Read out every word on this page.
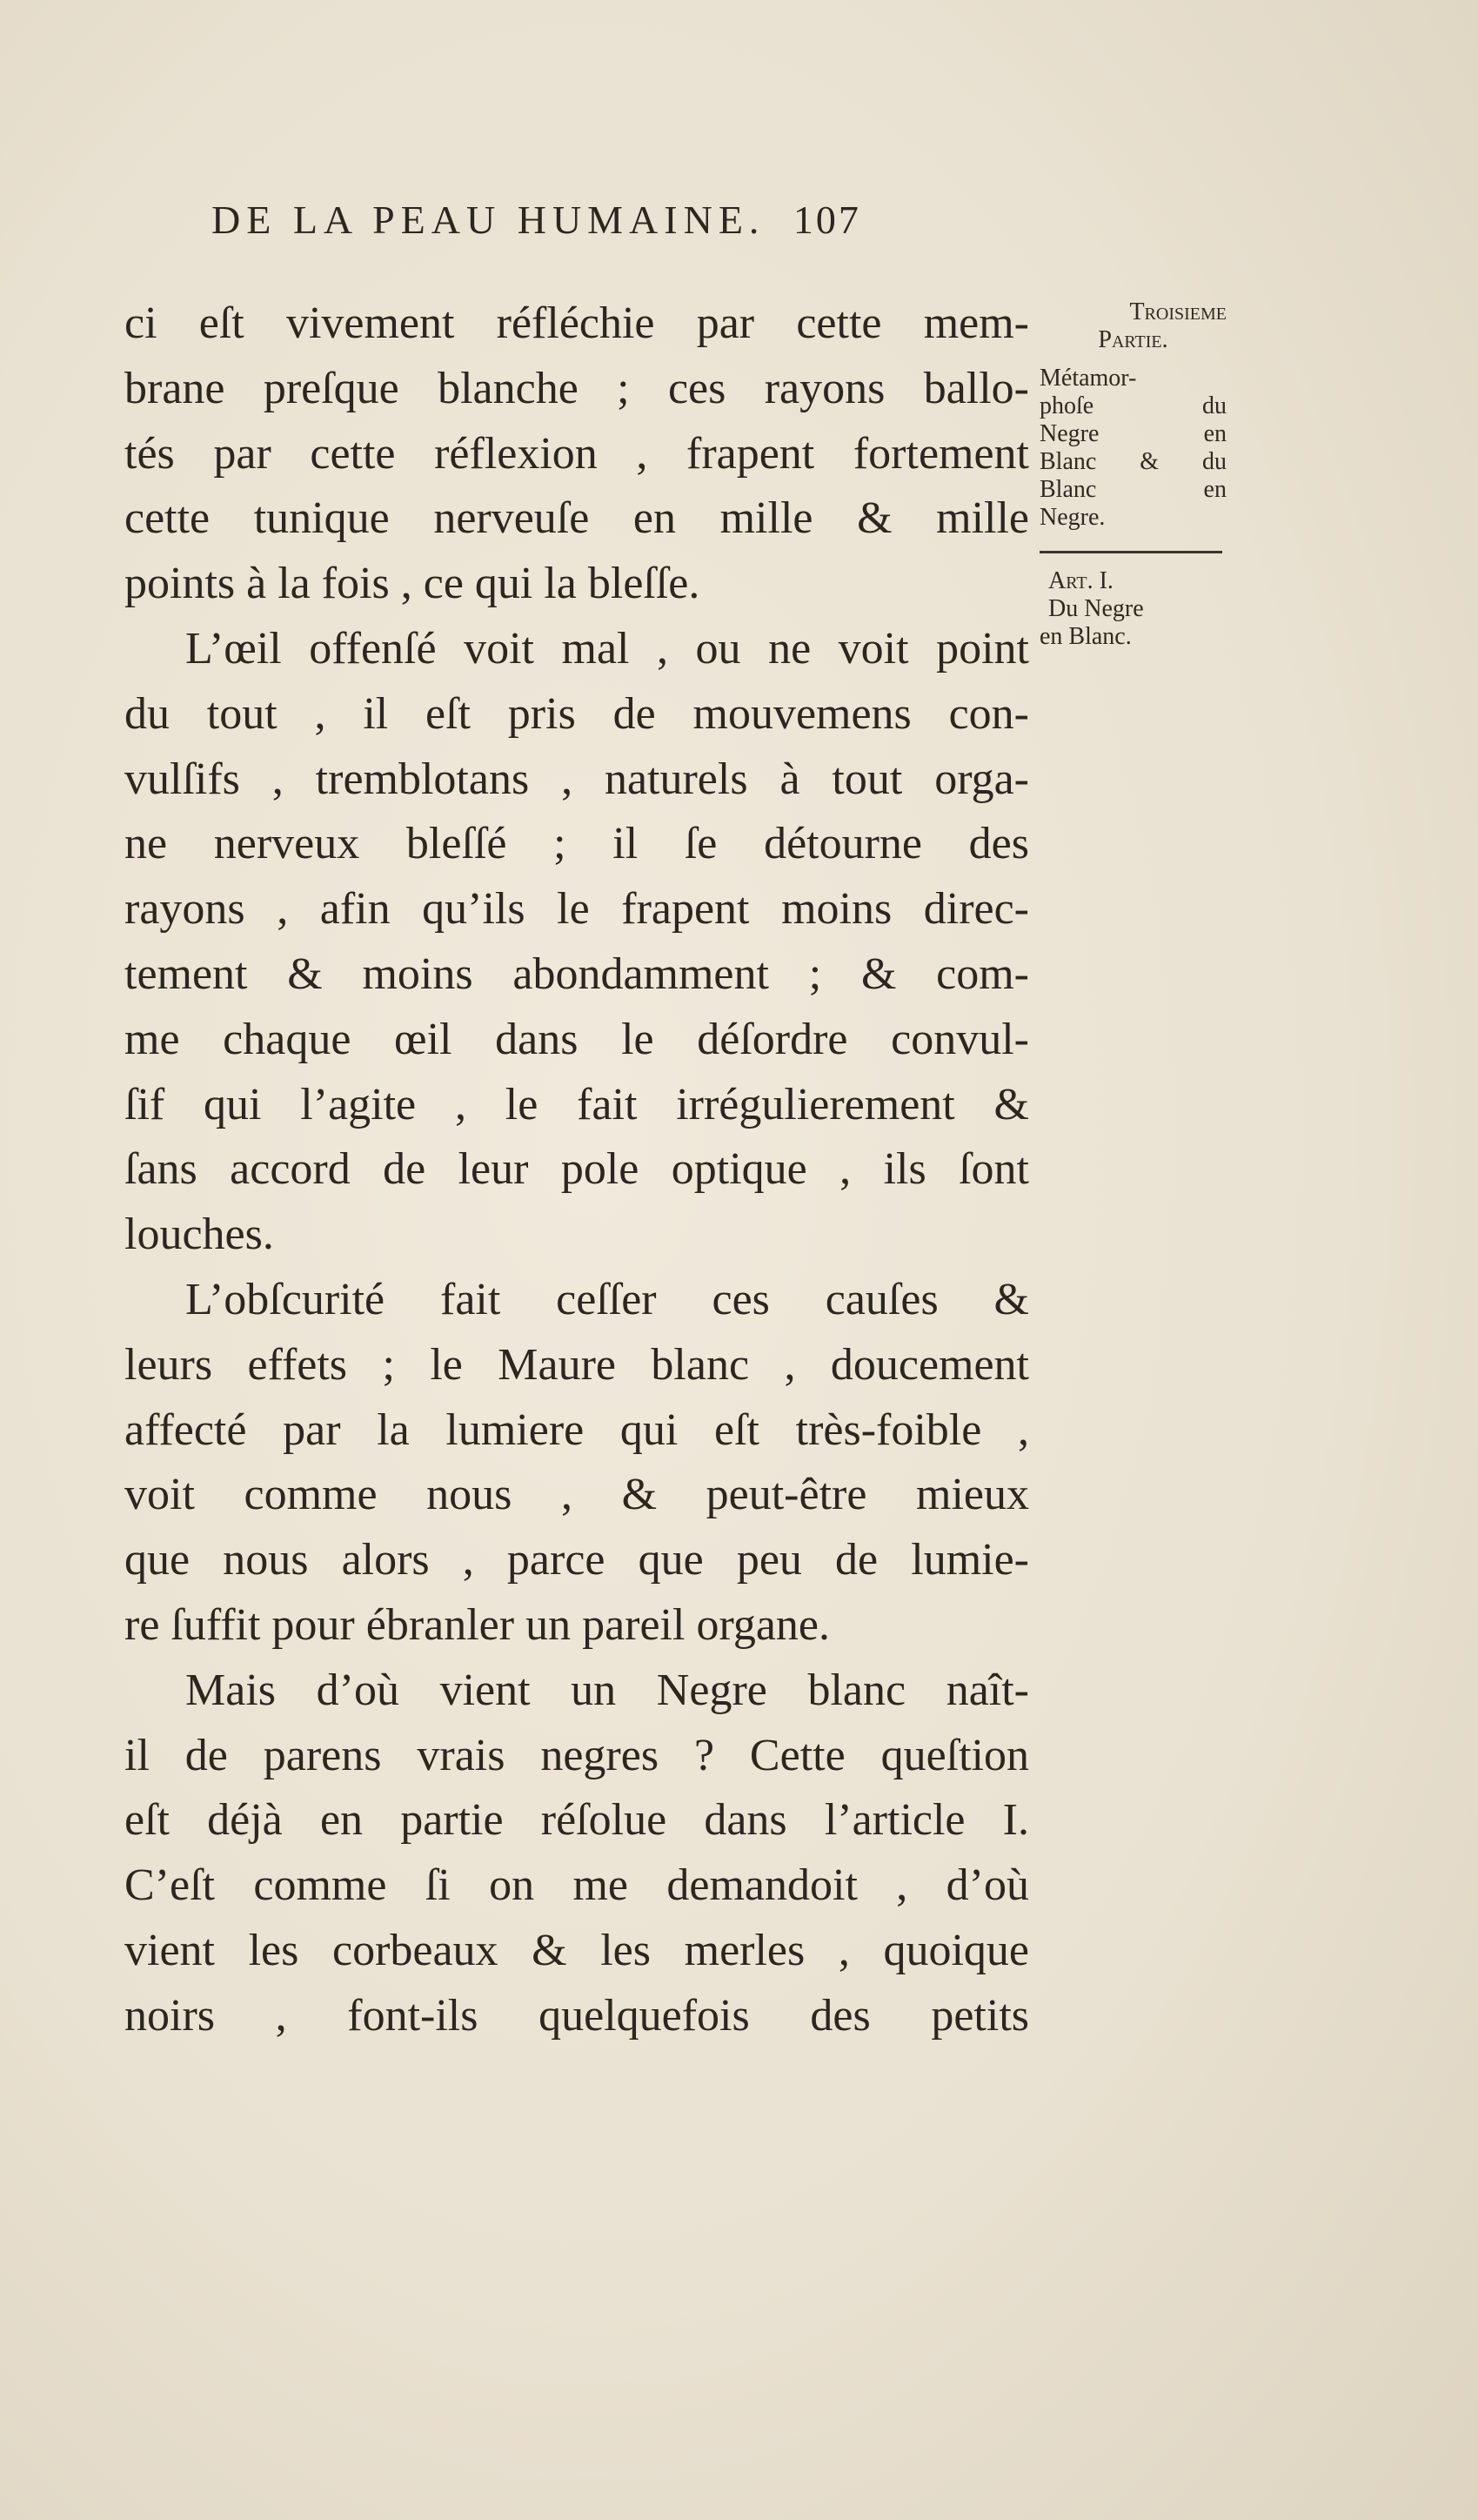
DE LA PEAU HUMAINE. 107
ci eſt vivement réfléchie par cette mem-
brane preſque blanche ; ces rayons ballo-
tés par cette réflexion , frapent fortement
cette tunique nerveuſe en mille & mille
points à la fois , ce qui la bleſſe.
L’œil offenſé voit mal , ou ne voit point
du tout , il eſt pris de mouvemens con-
vulſifs , tremblotans , naturels à tout orga-
ne nerveux bleſſé ; il ſe détourne des
rayons , afin qu’ils le frapent moins direc-
tement & moins abondamment ; & com-
me chaque œil dans le déſordre convul-
ſif qui l’agite , le fait irrégulierement &
ſans accord de leur pole optique , ils ſont
louches.
L’obſcurité fait ceſſer ces cauſes &
leurs effets ; le Maure blanc , doucement
affecté par la lumiere qui eſt très-foible ,
voit comme nous , & peut-être mieux
que nous alors , parce que peu de lumie-
re ſuffit pour ébranler un pareil organe.
Mais d’où vient un Negre blanc naît-
il de parens vrais negres ? Cette queſtion
eſt déjà en partie réſolue dans l’article I.
C’eſt comme ſi on me demandoit , d’où
vient les corbeaux & les merles , quoique
noirs , font-ils quelquefois des petits
Troisieme
Partie.
Métamor-
phoſe du
Negre en
Blanc & du
Blanc en
Negre.
Art. I.
Du Negre
en Blanc.
